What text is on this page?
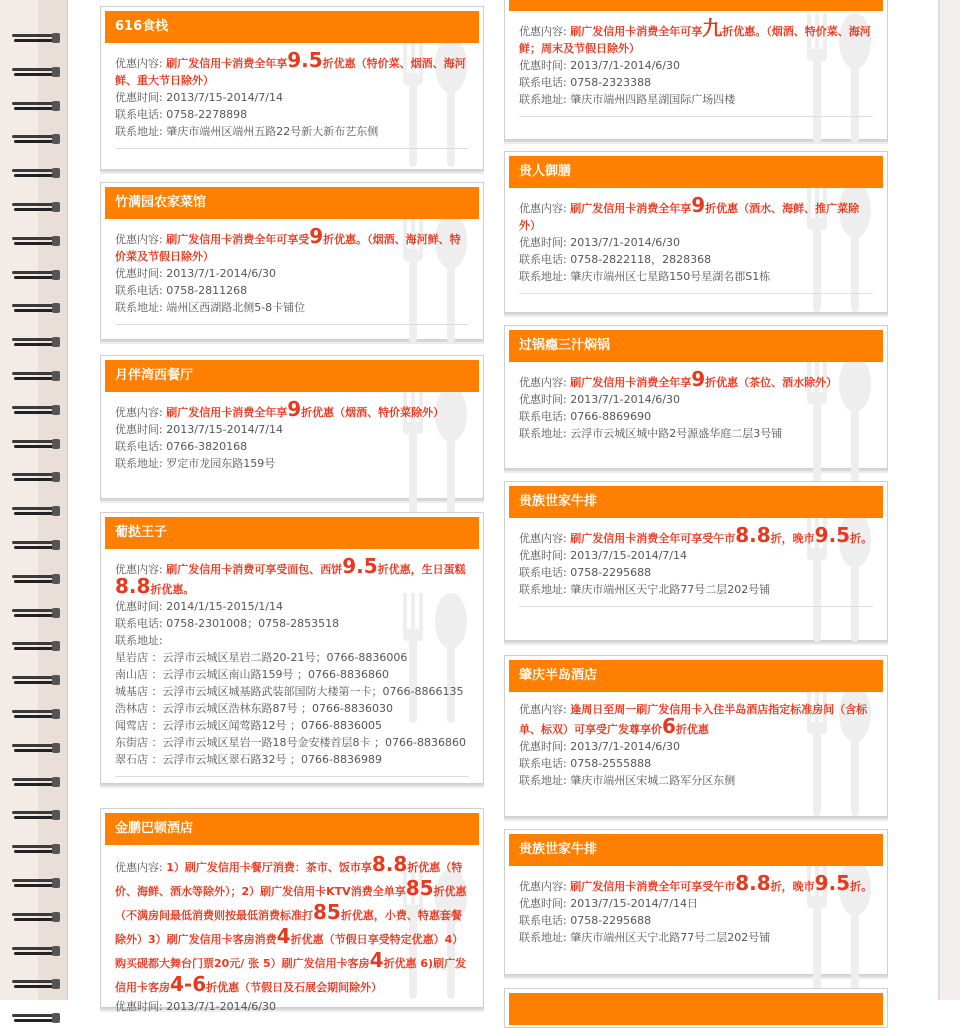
616食栈
优惠内容: 刷广发信用卡消费全年享9.5折优惠（特价菜、烟酒、海河鲜、重大节日除外）
优惠时间: 2013/7/15-2014/7/14
联系电话: 0758-2278898
联系地址: 肇庆市端州区端州五路22号新大新布艺东侧
竹满园农家菜馆
优惠内容: 刷广发信用卡消费全年可享受9折优惠。（烟酒、海河鲜、特价菜及节假日除外）
优惠时间: 2013/7/1-2014/6/30
联系电话: 0758-2811268
联系地址: 端州区西湖路北侧5-8卡铺位
月伴湾西餐厅
优惠内容: 刷广发信用卡消费全年享9折优惠（烟酒、特价菜除外）
优惠时间: 2013/7/15-2014/7/14
联系电话: 0766-3820168
联系地址: 罗定市龙园东路159号
葡挞王子
优惠内容: 刷广发信用卡消费可享受面包、西饼9.5折优惠，生日蛋糕8.8折优惠。
优惠时间: 2014/1/15-2015/1/14
联系电话: 0758-2301008；0758-2853518
联系地址:
星岩店 ：云浮市云城区星岩二路20-21号；0766-8836006
南山店 ：云浮市云城区南山路159号 ；0766-8836860
城基店 ：云浮市云城区城基路武装部国防大楼第一卡；0766-8866135
浩林店 ：云浮市云城区浩林东路87号 ；0766-8836030
闻莺店 ：云浮市云城区闻莺路12号 ；0766-8836005
东街店 ：云浮市云城区星岩一路18号金安楼首层8卡 ；0766-8836860
翠石店 ：云浮市云城区翠石路32号 ；0766-8836989
金鹏巴顿酒店
优惠内容: 1）刷广发信用卡餐厅消费：茶市、饭市享8.8折优惠（特价、海鲜、酒水等除外）；2）刷广发信用卡KTV消费全单享85折优惠（不满房间最低消费则按最低消费标准打85折优惠，小费、特惠套餐除外）3）刷广发信用卡客房消费4折优惠（节假日享受特定优惠）4）购买砚都大舞台门票20元/ 张 5）刷广发信用卡客房4折优惠 6)刷广发信用卡客房4-6折优惠（节假日及石展会期间除外）
优惠时间: 2013/7/1-2014/6/30
优惠内容: 刷广发信用卡消费全年可享九折优惠。（烟酒、特价菜、海河鲜；周末及节假日除外）
优惠时间: 2013/7/1-2014/6/30
联系电话: 0758-2323388
联系地址: 肇庆市端州四路星湖国际广场四楼
贵人御膳
优惠内容: 刷广发信用卡消费全年享9折优惠（酒水、海鲜、推广菜除外）
优惠时间: 2013/7/1-2014/6/30
联系电话: 0758-2822118，2828368
联系地址: 肇庆市端州区七星路150号星湖名郡S1栋
过锅瘾三汁焖锅
优惠内容: 刷广发信用卡消费全年享9折优惠（茶位、酒水除外）
优惠时间: 2013/7/1-2014/6/30
联系电话: 0766-8869690
联系地址: 云浮市云城区城中路2号源盛华庭二层3号铺
贵族世家牛排
优惠内容: 刷广发信用卡消费全年可享受午市8.8折，晚市9.5折。
优惠时间: 2013/7/15-2014/7/14
联系电话: 0758-2295688
联系地址: 肇庆市端州区天宁北路77号二层202号铺
肇庆半岛酒店
优惠内容: 逢周日至周一刷广发信用卡入住半岛酒店指定标准房间（含标单、标双）可享受广发尊享价6折优惠
优惠时间: 2013/7/1-2014/6/30
联系电话: 0758-2555888
联系地址: 肇庆市端州区宋城二路军分区东侧
贵族世家牛排
优惠内容: 刷广发信用卡消费全年可享受午市8.8折，晚市9.5折。
优惠时间: 2013/7/15-2014/7/14日
联系电话: 0758-2295688
联系地址: 肇庆市端州区天宁北路77号二层202号铺
